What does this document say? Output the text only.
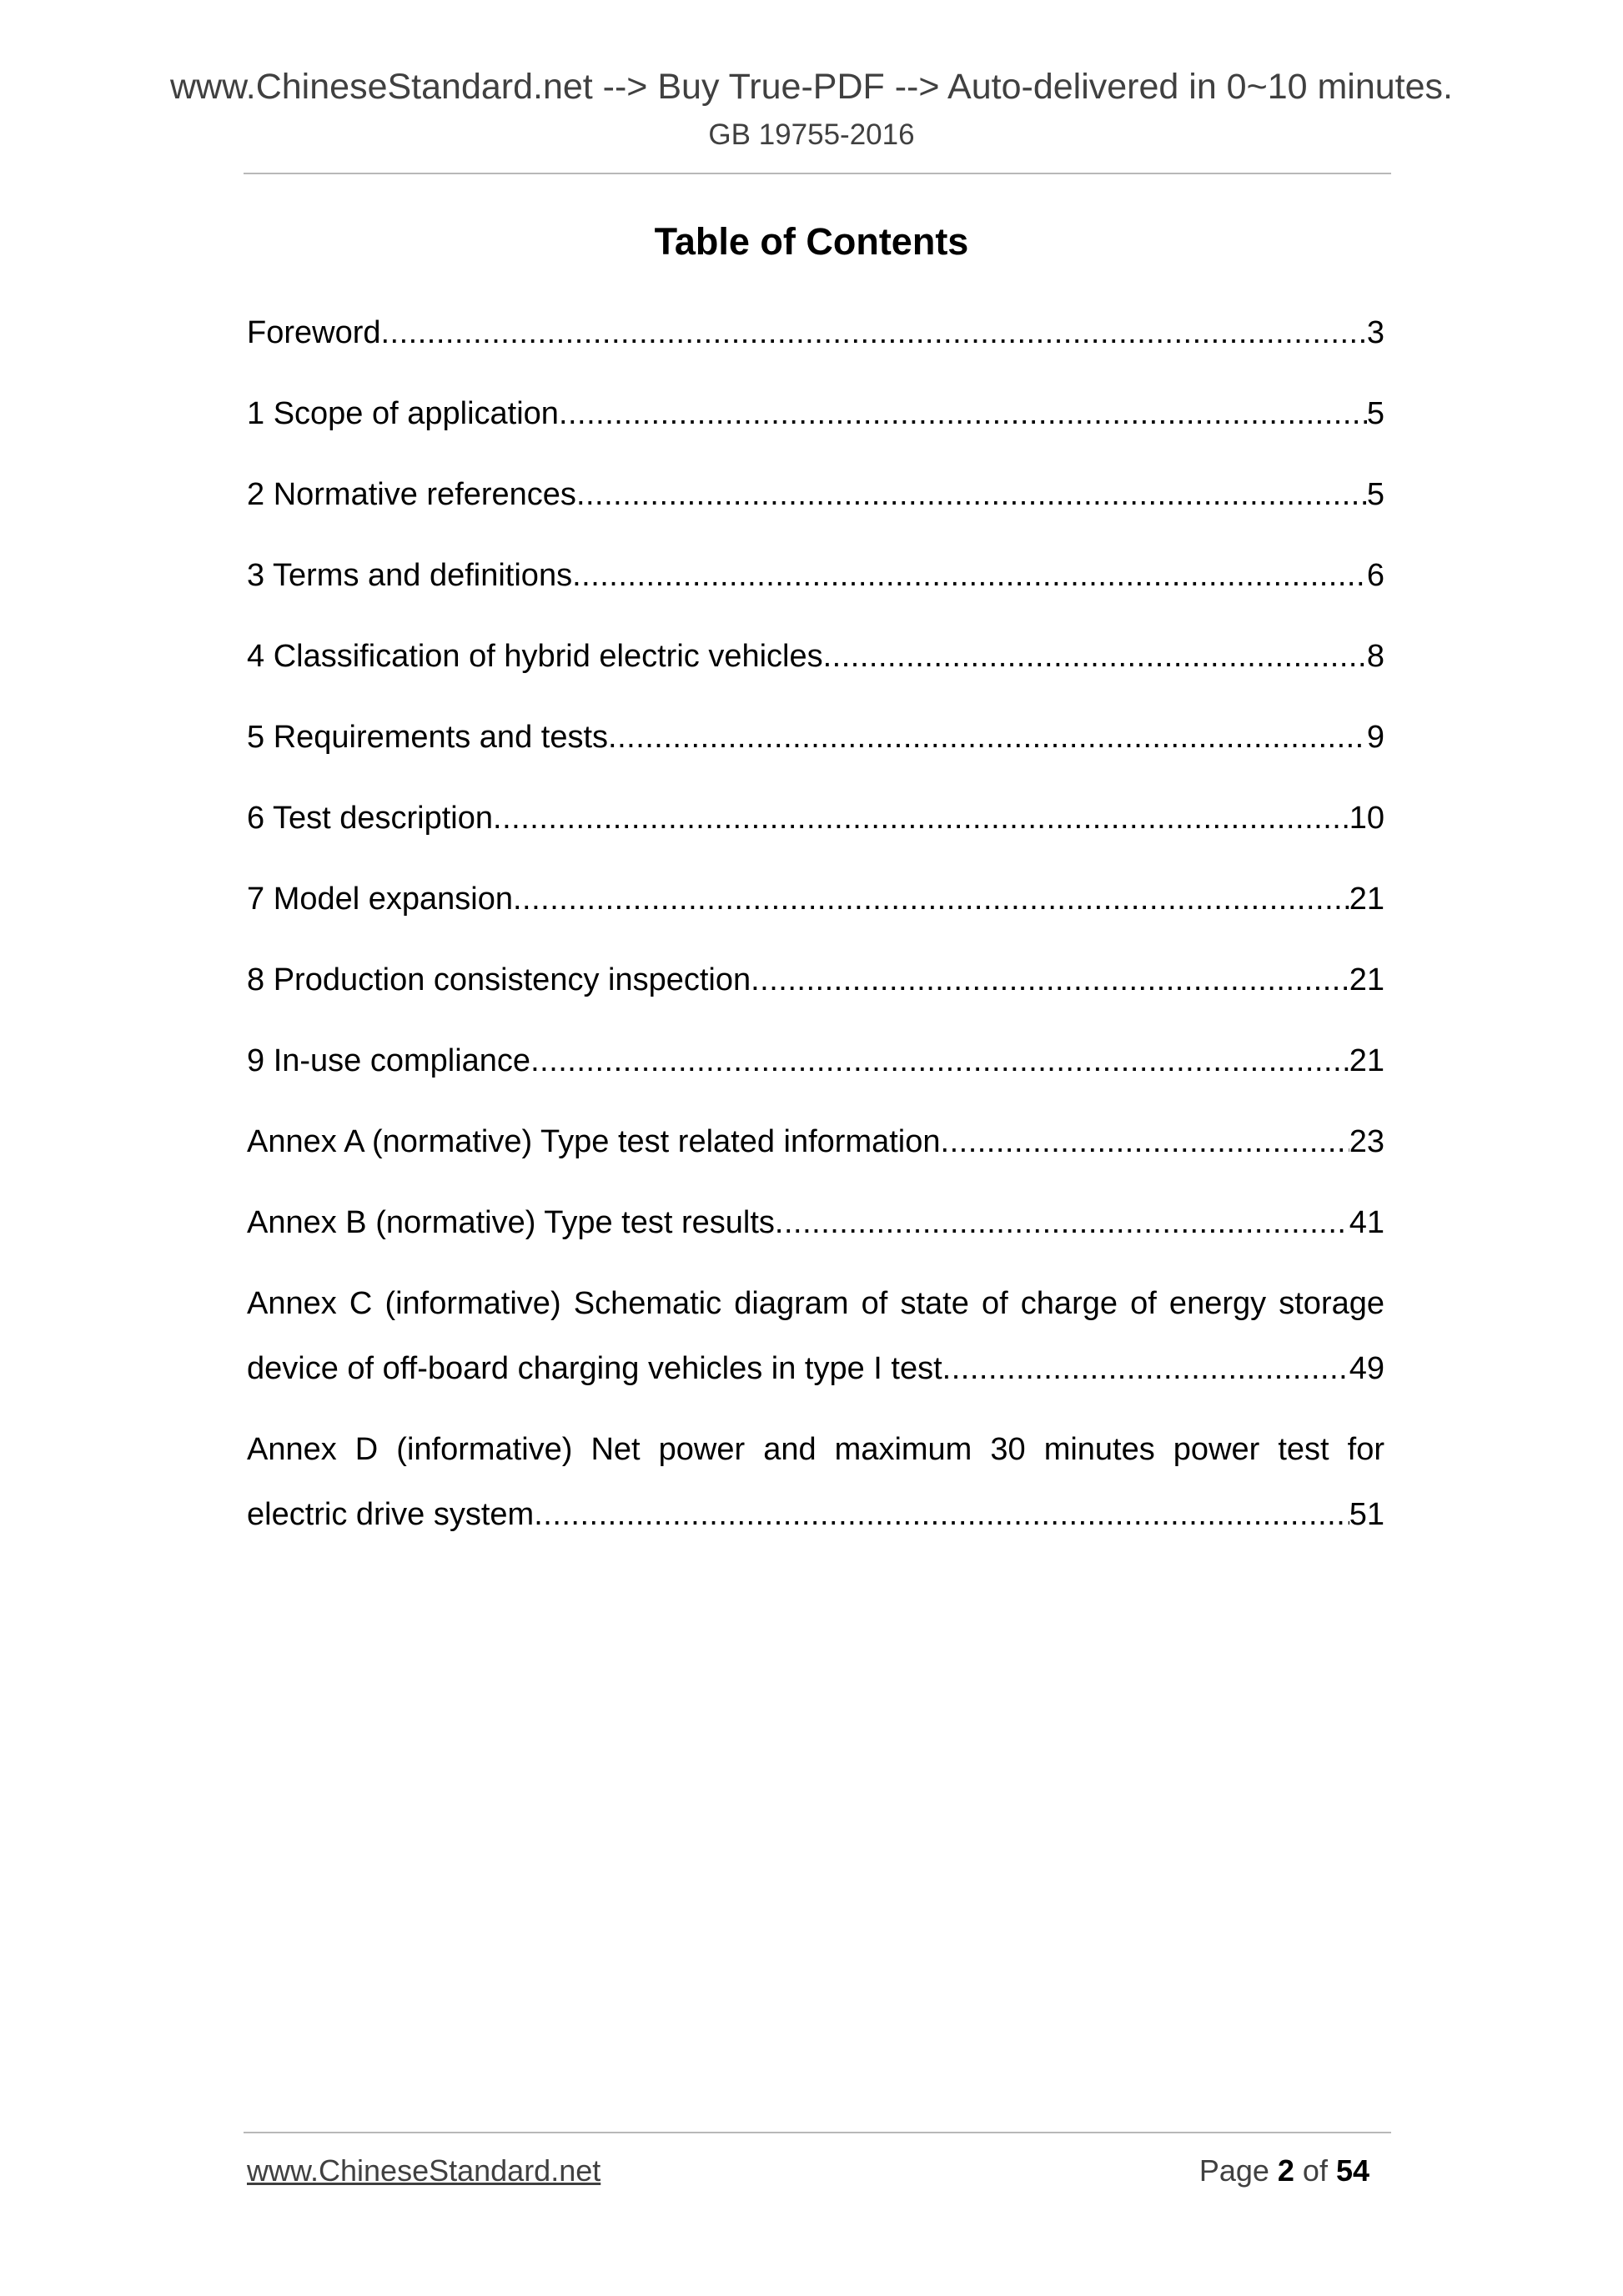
www.ChineseStandard.net --> Buy True-PDF --> Auto-delivered in 0~10 minutes.
GB 19755-2016
Table of Contents
Foreword .....	3
1 Scope of application .....	5
2 Normative references .....	5
3 Terms and definitions .....	6
4 Classification of hybrid electric vehicles .....	8
5 Requirements and tests .....	9
6 Test description .....	10
7 Model expansion .....	21
8 Production consistency inspection .....	21
9 In-use compliance .....	21
Annex A (normative) Type test related information .....	23
Annex B (normative) Type test results .....	41
Annex C (informative) Schematic diagram of state of charge of energy storage
device of off-board charging vehicles in type I test .....	49
Annex D (informative) Net power and maximum 30 minutes power test for
electric drive system .....	51
www.ChineseStandard.net	Page 2 of 54
